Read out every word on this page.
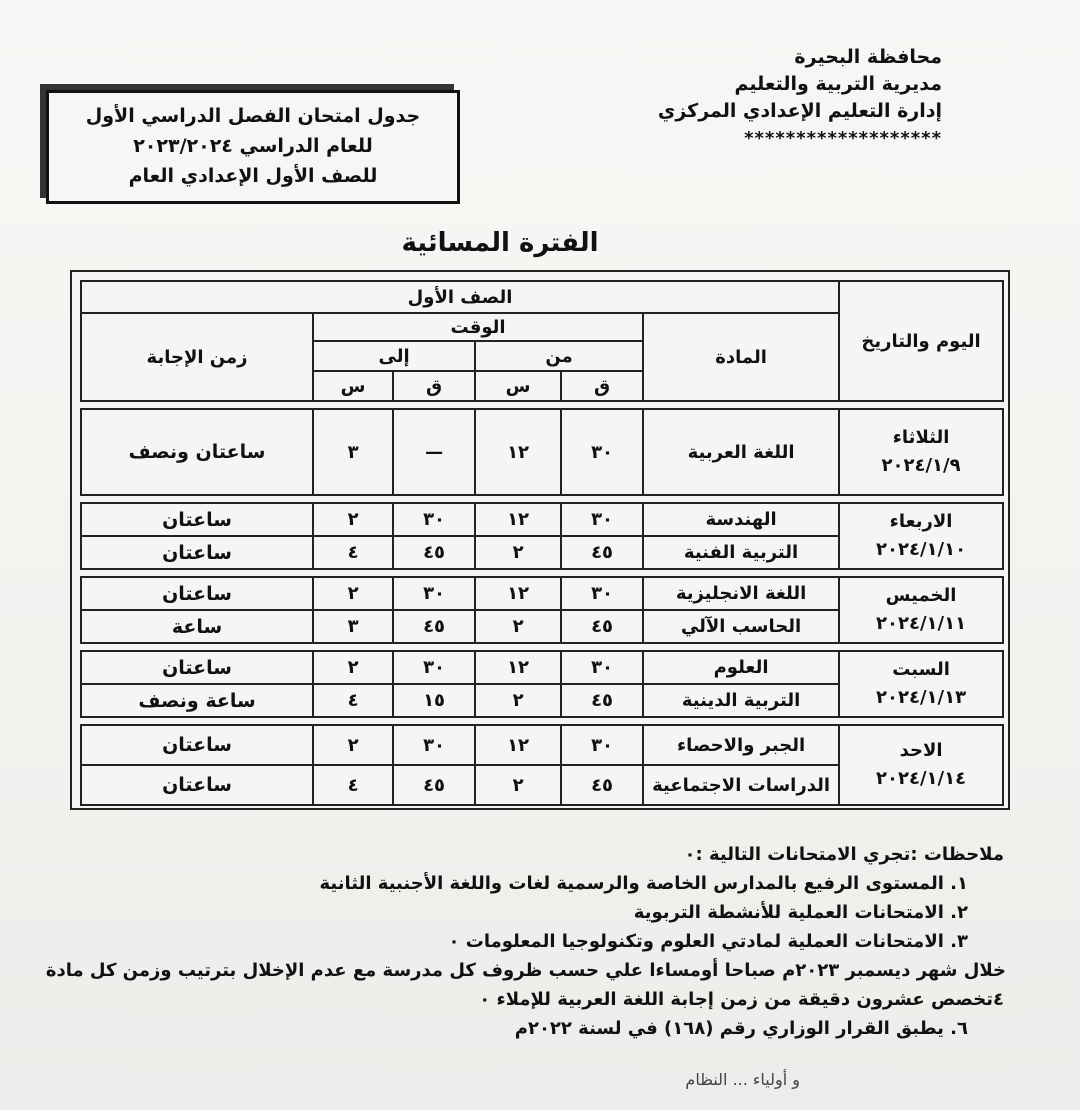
محافظة البحيرة
مديرية التربية والتعليم
إدارة التعليم الإعدادي المركزي
*******************
جدول امتحان الفصل الدراسي الأول
للعام الدراسي ٢٠٢٣/٢٠٢٤
للصف الأول الإعدادي العام
الفترة المسائية
اليوم والتاريخ	الصف الأول					
	المادة	الوقت				زمن الإجابة
		من		إلى		
		ق	س	ق	س	

الثلاثاء
٢٠٢٤/١/٩	اللغة العربية	٣٠	١٢	—	٣	ساعتان ونصف

الاربعاء
٢٠٢٤/١/١٠	الهندسة	٣٠	١٢	٣٠	٢	ساعتان
	التربية الفنية	٤٥	٢	٤٥	٤	ساعتان

الخميس
٢٠٢٤/١/١١	اللغة الانجليزية	٣٠	١٢	٣٠	٢	ساعتان
	الحاسب الآلي	٤٥	٢	٤٥	٣	ساعة

السبت
٢٠٢٤/١/١٣	العلوم	٣٠	١٢	٣٠	٢	ساعتان
	التربية الدينية	٤٥	٢	١٥	٤	ساعة ونصف

الاحد
٢٠٢٤/١/١٤	الجبر والاحصاء	٣٠	١٢	٣٠	٢	ساعتان
	الدراسات الاجتماعية	٤٥	٢	٤٥	٤	ساعتان
ملاحظات :تجري الامتحانات التالية :٠
١. المستوى الرفيع بالمدارس الخاصة والرسمية لغات واللغة الأجنبية الثانية
٢. الامتحانات العملية للأنشطة التربوية
٣. الامتحانات العملية لمادتي العلوم وتكنولوجيا المعلومات ٠
خلال شهر ديسمبر ٢٠٢٣م صباحا أومساءا علي حسب ظروف كل مدرسة مع عدم الإخلال بترتيب وزمن كل مادة
٤تخصص عشرون دقيقة من زمن إجابة اللغة العربية للإملاء ٠
٦. يطبق القرار الوزاري رقم (١٦٨) في لسنة ٢٠٢٢م
و أولياء ... النظام
